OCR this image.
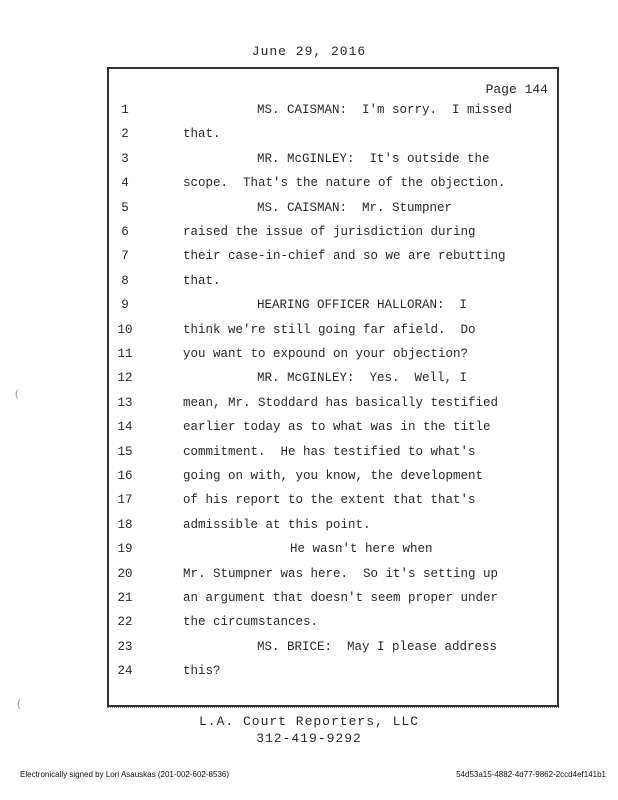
June 29, 2016
Page 144
1	MS. CAISMAN:  I'm sorry.  I missed
2	that.
3	MR. McGINLEY:  It's outside the
4	scope.  That's the nature of the objection.
5	MS. CAISMAN:  Mr. Stumpner
6	raised the issue of jurisdiction during
7	their case-in-chief and so we are rebutting
8	that.
9	HEARING OFFICER HALLORAN:  I
10	think we're still going far afield.  Do
11	you want to expound on your objection?
12	MR. McGINLEY:  Yes.  Well, I
13	mean, Mr. Stoddard has basically testified
14	earlier today as to what was in the title
15	commitment.  He has testified to what's
16	going on with, you know, the development
17	of his report to the extent that that's
18	admissible at this point.
19	He wasn't here when
20	Mr. Stumpner was here.  So it's setting up
21	an argument that doesn't seem proper under
22	the circumstances.
23	MS. BRICE:  May I please address
24	this?
L.A. Court Reporters, LLC
312-419-9292
Electronically signed by Lori Asauskas (201-002-602-8536)	54d53a15-4882-4d77-9862-2ccd4ef141b1
(
(
